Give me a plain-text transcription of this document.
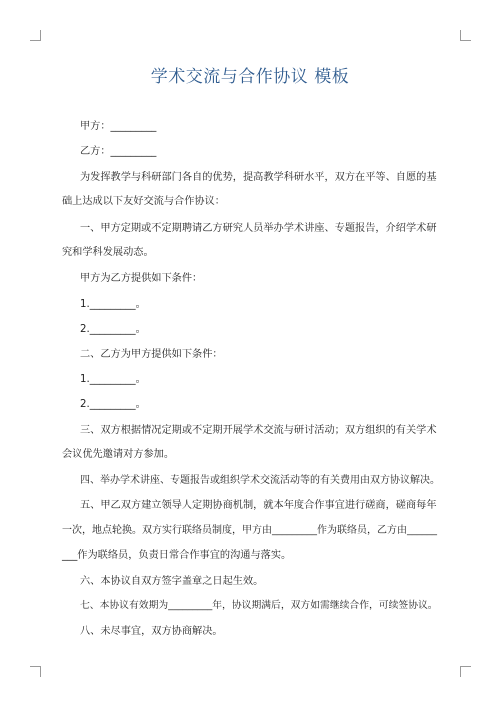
学术交流与合作协议 模板
甲方：_________
乙方：_________
为发挥教学与科研部门各自的优势，提高教学科研水平，双方在平等、自愿的基
础上达成以下友好交流与合作协议：
一、甲方定期或不定期聘请乙方研究人员举办学术讲座、专题报告，介绍学术研
究和学科发展动态。
甲方为乙方提供如下条件：
1._________。
2._________。
二、乙方为甲方提供如下条件：
1._________。
2._________。
三、双方根据情况定期或不定期开展学术交流与研讨活动；双方组织的有关学术
会议优先邀请对方参加。
四、举办学术讲座、专题报告或组织学术交流活动等的有关费用由双方协议解决。
五、甲乙双方建立领导人定期协商机制，就本年度合作事宜进行磋商，磋商每年
一次，地点轮换。双方实行联络员制度，甲方由_________作为联络员，乙方由______
___作为联络员，负责日常合作事宜的沟通与落实。
六、本协议自双方签字盖章之日起生效。
七、本协议有效期为_________年，协议期满后，双方如需继续合作，可续签协议。
八、未尽事宜，双方协商解决。
